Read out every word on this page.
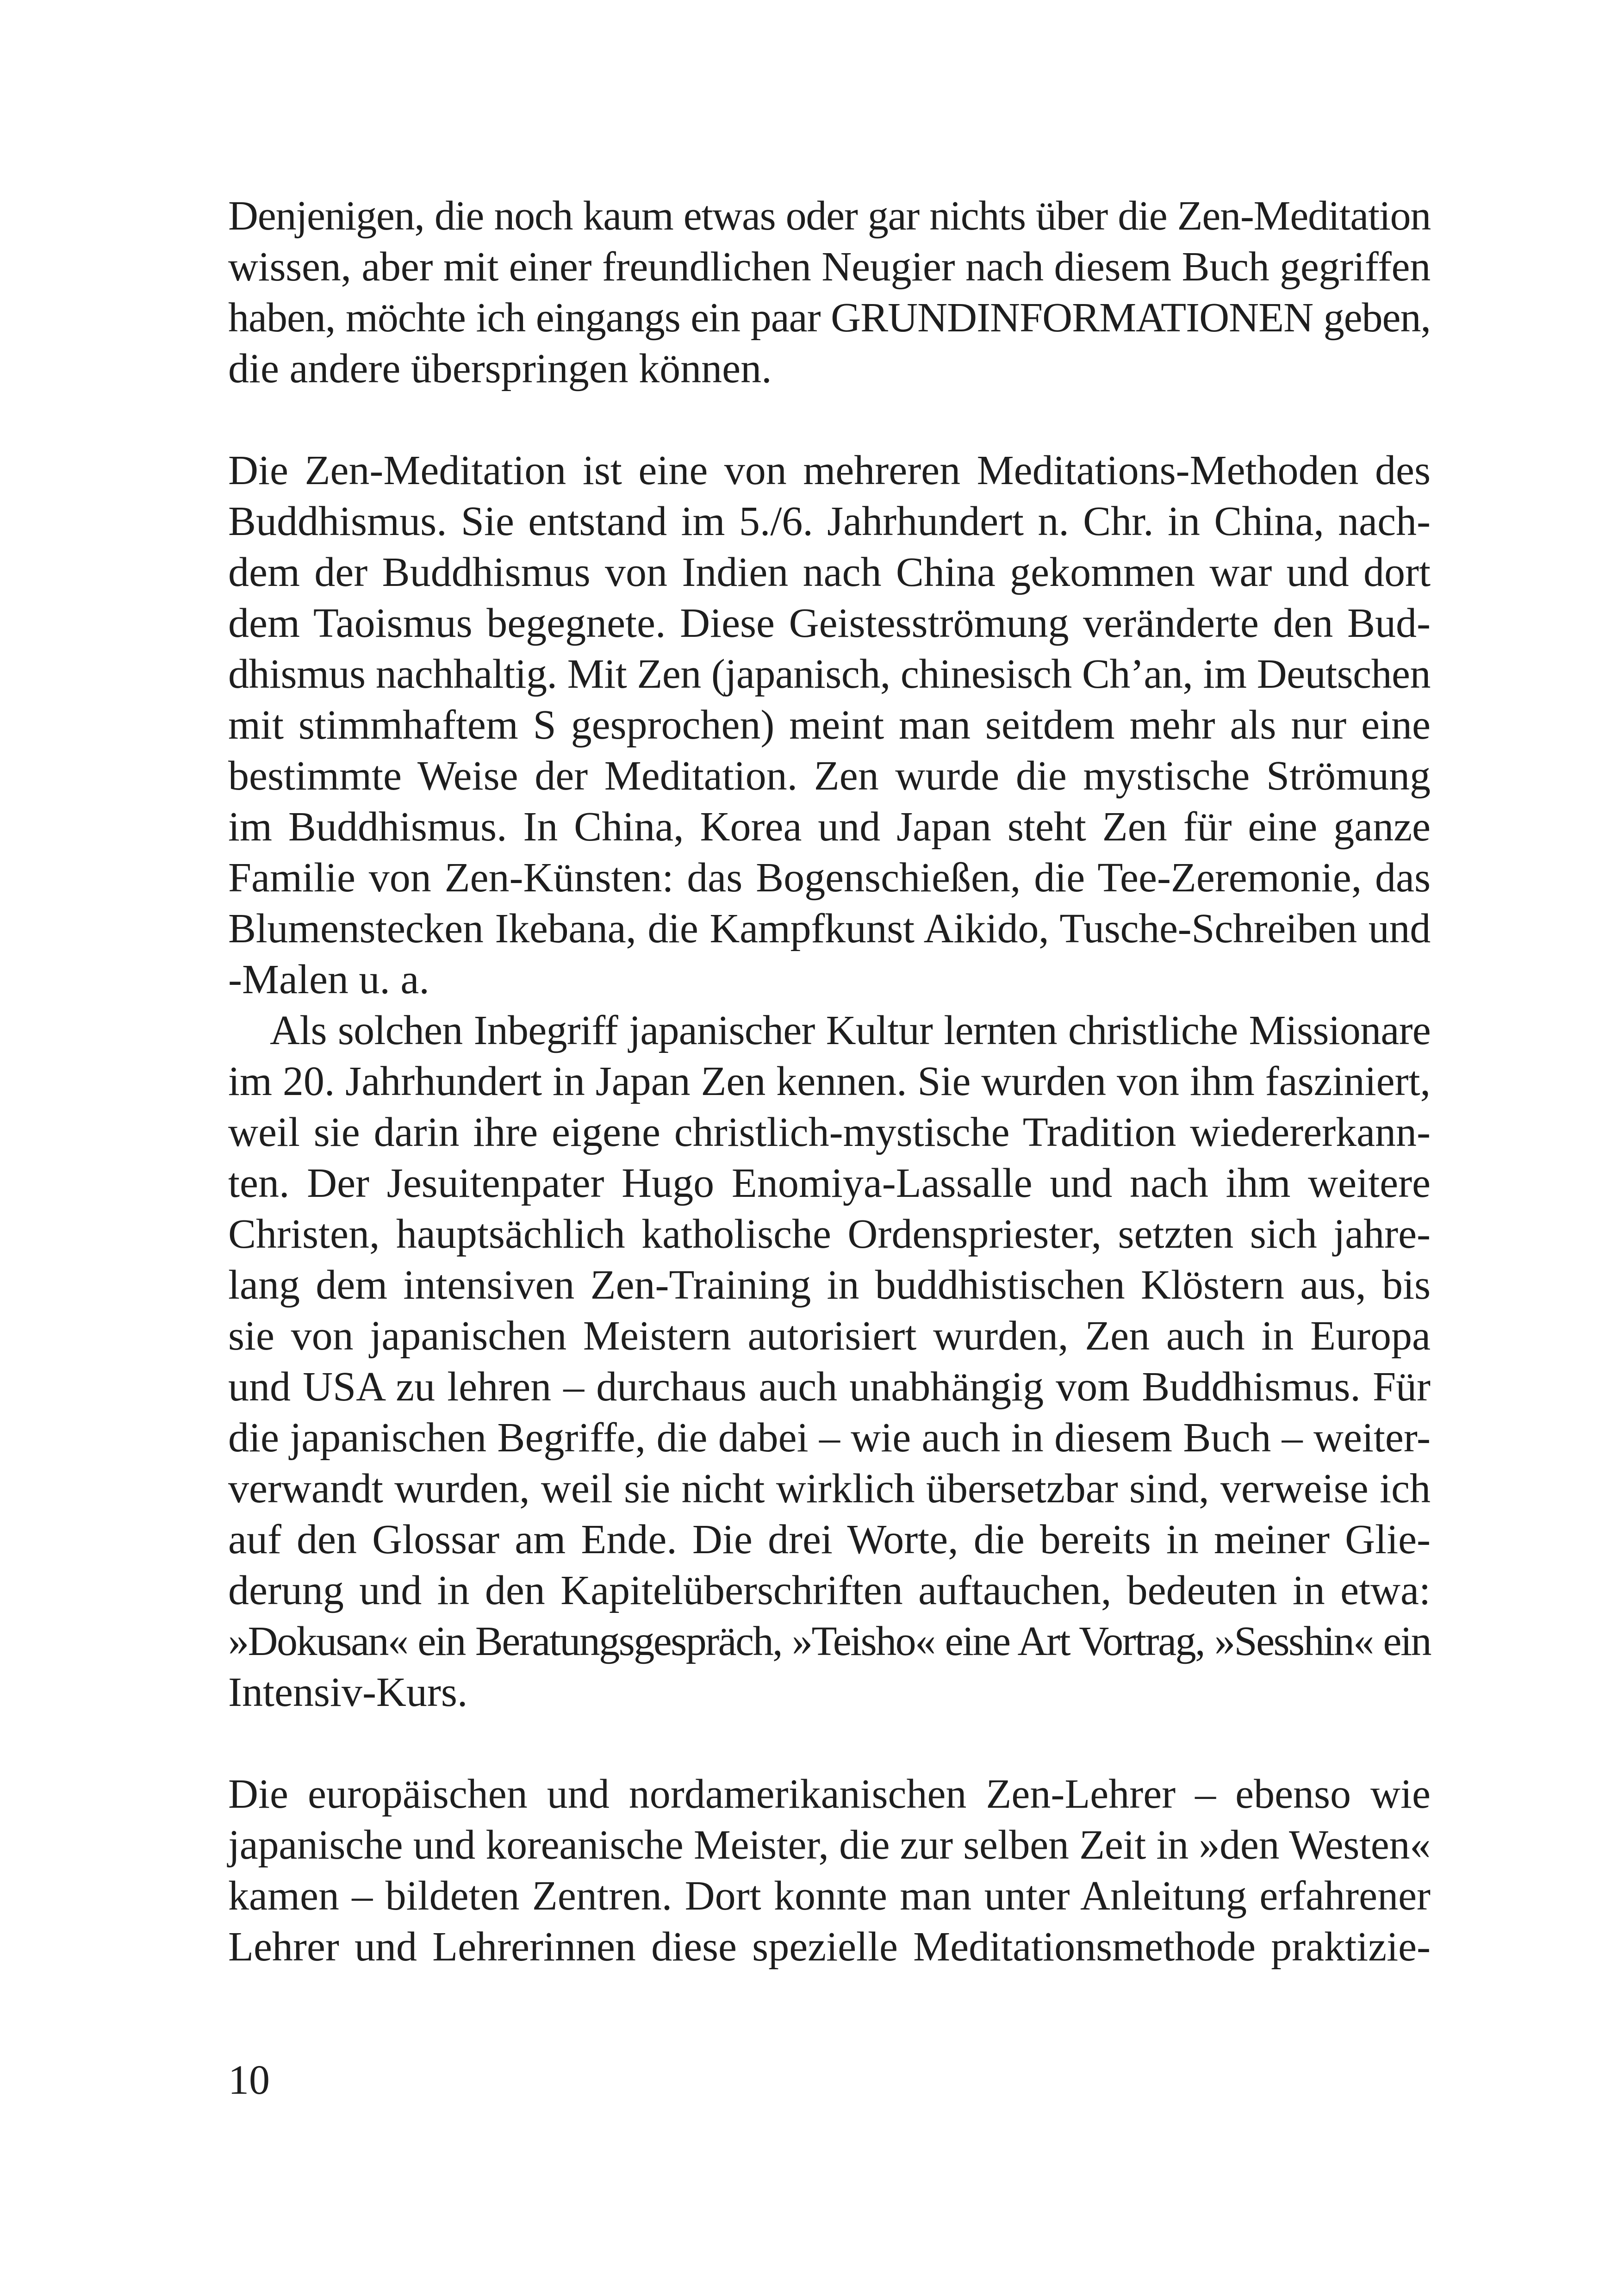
Denjenigen, die noch kaum etwas oder gar nichts über die Zen-Meditation
wissen, aber mit einer freundlichen Neugier nach diesem Buch gegriffen
haben, möchte ich eingangs ein paar GRUNDINFORMATIONEN geben,
die andere überspringen können.
Die Zen-Meditation ist eine von mehreren Meditations-Methoden des
Buddhismus. Sie entstand im 5./6. Jahrhundert n. Chr. in China, nach-
dem der Buddhismus von Indien nach China gekommen war und dort
dem Taoismus begegnete. Diese Geistesströmung veränderte den Bud-
dhismus nachhaltig. Mit Zen (japanisch, chinesisch Ch’an, im Deutschen
mit stimmhaftem S gesprochen) meint man seitdem mehr als nur eine
bestimmte Weise der Meditation. Zen wurde die mystische Strömung
im Buddhismus. In China, Korea und Japan steht Zen für eine ganze
Familie von Zen-Künsten: das Bogenschießen, die Tee-Zeremonie, das
Blumenstecken Ikebana, die Kampfkunst Aikido, Tusche-Schreiben und
-Malen u. a.
Als solchen Inbegriff japanischer Kultur lernten christliche Missionare
im 20. Jahrhundert in Japan Zen kennen. Sie wurden von ihm fasziniert,
weil sie darin ihre eigene christlich-mystische Tradition wiedererkann-
ten. Der Jesuitenpater Hugo Enomiya-Lassalle und nach ihm weitere
Christen, hauptsächlich katholische Ordenspriester, setzten sich jahre-
lang dem intensiven Zen-Training in buddhistischen Klöstern aus, bis
sie von japanischen Meistern autorisiert wurden, Zen auch in Europa
und USA zu lehren – durchaus auch unabhängig vom Buddhismus. Für
die japanischen Begriffe, die dabei – wie auch in diesem Buch – weiter-
verwandt wurden, weil sie nicht wirklich übersetzbar sind, verweise ich
auf den Glossar am Ende. Die drei Worte, die bereits in meiner Glie-
derung und in den Kapitelüberschriften auftauchen, bedeuten in etwa:
»Dokusan« ein Beratungsgespräch, »Teisho« eine Art Vortrag, »Sesshin« ein
Intensiv-Kurs.
Die europäischen und nordamerikanischen Zen-Lehrer – ebenso wie
japanische und koreanische Meister, die zur selben Zeit in »den Westen«
kamen – bildeten Zentren. Dort konnte man unter Anleitung erfahrener
Lehrer und Lehrerinnen diese spezielle Meditationsmethode praktizie-
10
